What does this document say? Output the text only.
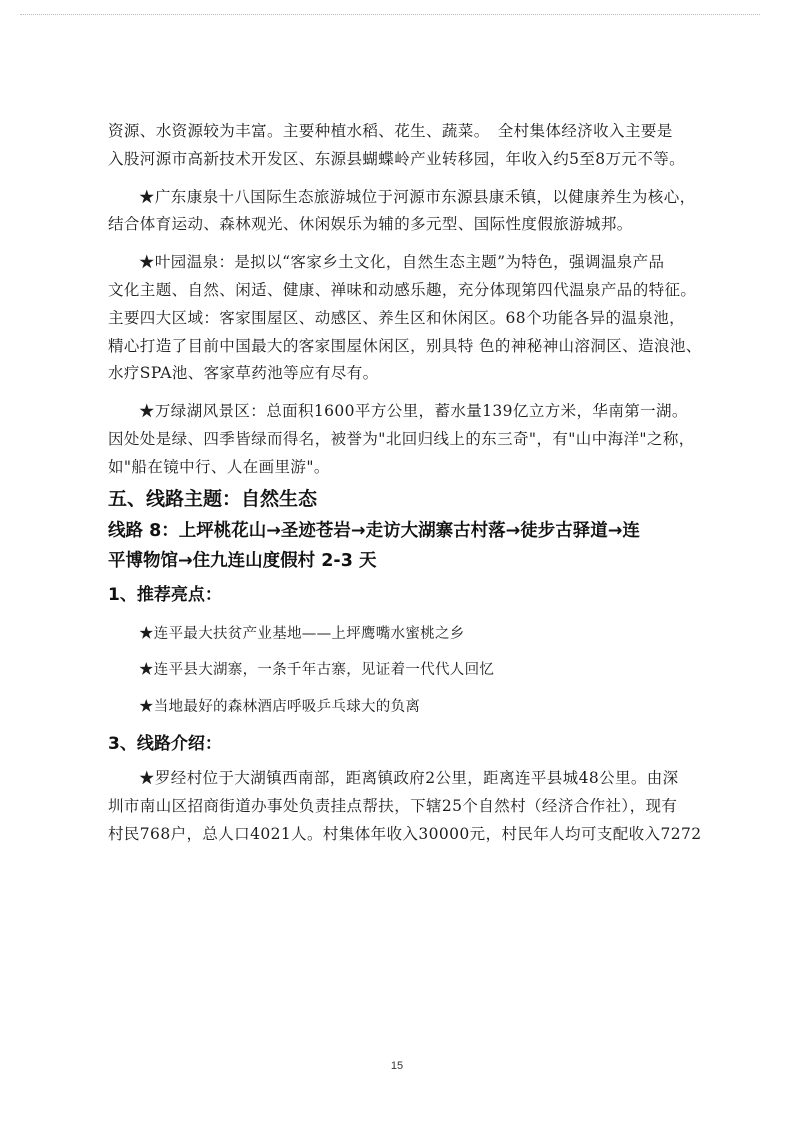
资源、水资源较为丰富。主要种植水稻、花生、蔬菜。　全村集体经济收入主要是
入股河源市高新技术开发区、东源县蝴蝶岭产业转移园，年收入约5至8万元不等。

★广东康泉十八国际生态旅游城位于河源市东源县康禾镇，以健康养生为核心，
结合体育运动、森林观光、休闲娱乐为辅的多元型、国际性度假旅游城邦。

★叶园温泉：是拟以“客家乡土文化，自然生态主题”为特色，强调温泉产品
文化主题、自然、闲适、健康、禅味和动感乐趣，充分体现第四代温泉产品的特征。
主要四大区域：客家围屋区、动感区、养生区和休闲区。68个功能各异的温泉池，
精心打造了目前中国最大的客家围屋休闲区，别具特 色的神秘神山溶洞区、造浪池、
水疗SPA池、客家草药池等应有尽有。

★万绿湖风景区：总面积1600平方公里，蓄水量139亿立方米，华南第一湖。
因处处是绿、四季皆绿而得名，被誉为"北回归线上的东三奇"，有"山中海洋"之称，
如"船在镜中行、人在画里游"。

五、线路主题：自然生态
线路 8：上坪桃花山→圣迹苍岩→走访大湖寨古村落→徒步古驿道→连
平博物馆→住九连山度假村 2-3 天
1、推荐亮点：
★连平最大扶贫产业基地——上坪鹰嘴水蜜桃之乡
★连平县大湖寨，一条千年古寨，见证着一代代人回忆
★当地最好的森林酒店呼吸乒乓球大的负离
3、线路介绍：

★罗经村位于大湖镇西南部，距离镇政府2公里，距离连平县城48公里。由深
圳市南山区招商街道办事处负责挂点帮扶，下辖25个自然村（经济合作社），现有
村民768户，总人口4021人。村集体年收入30000元，村民年人均可支配收入7272

15
